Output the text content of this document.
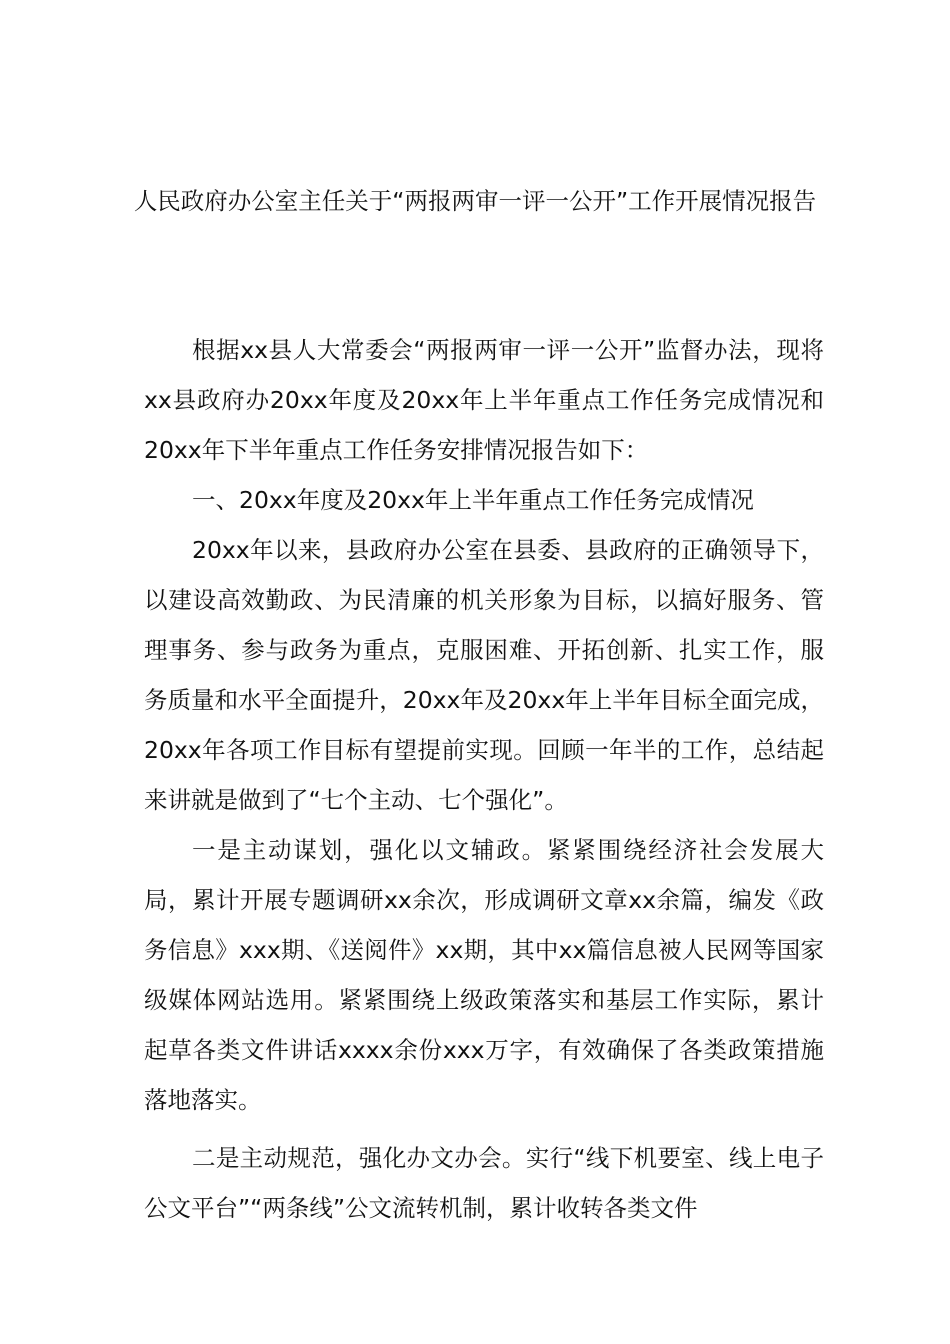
人民政府办公室主任关于“两报两审一评一公开”工作开展情况报告

根据xx县人大常委会“两报两审一评一公开”监督办法，现将xx县政府办20xx年度及20xx年上半年重点工作任务完成情况和20xx年下半年重点工作任务安排情况报告如下：

一、20xx年度及20xx年上半年重点工作任务完成情况

20xx年以来，县政府办公室在县委、县政府的正确领导下，以建设高效勤政、为民清廉的机关形象为目标，以搞好服务、管理事务、参与政务为重点，克服困难、开拓创新、扎实工作，服务质量和水平全面提升，20xx年及20xx年上半年目标全面完成，20xx年各项工作目标有望提前实现。回顾一年半的工作，总结起来讲就是做到了“七个主动、七个强化”。

一是主动谋划，强化以文辅政。紧紧围绕经济社会发展大局，累计开展专题调研xx余次，形成调研文章xx余篇，编发《政务信息》xxx期、《送阅件》xx期，其中xx篇信息被人民网等国家级媒体网站选用。紧紧围绕上级政策落实和基层工作实际，累计起草各类文件讲话xxxx余份xxx万字，有效确保了各类政策措施落地落实。

二是主动规范，强化办文办会。实行“线下机要室、线上电子公文平台”“两条线”公文流转机制，累计收转各类文件
